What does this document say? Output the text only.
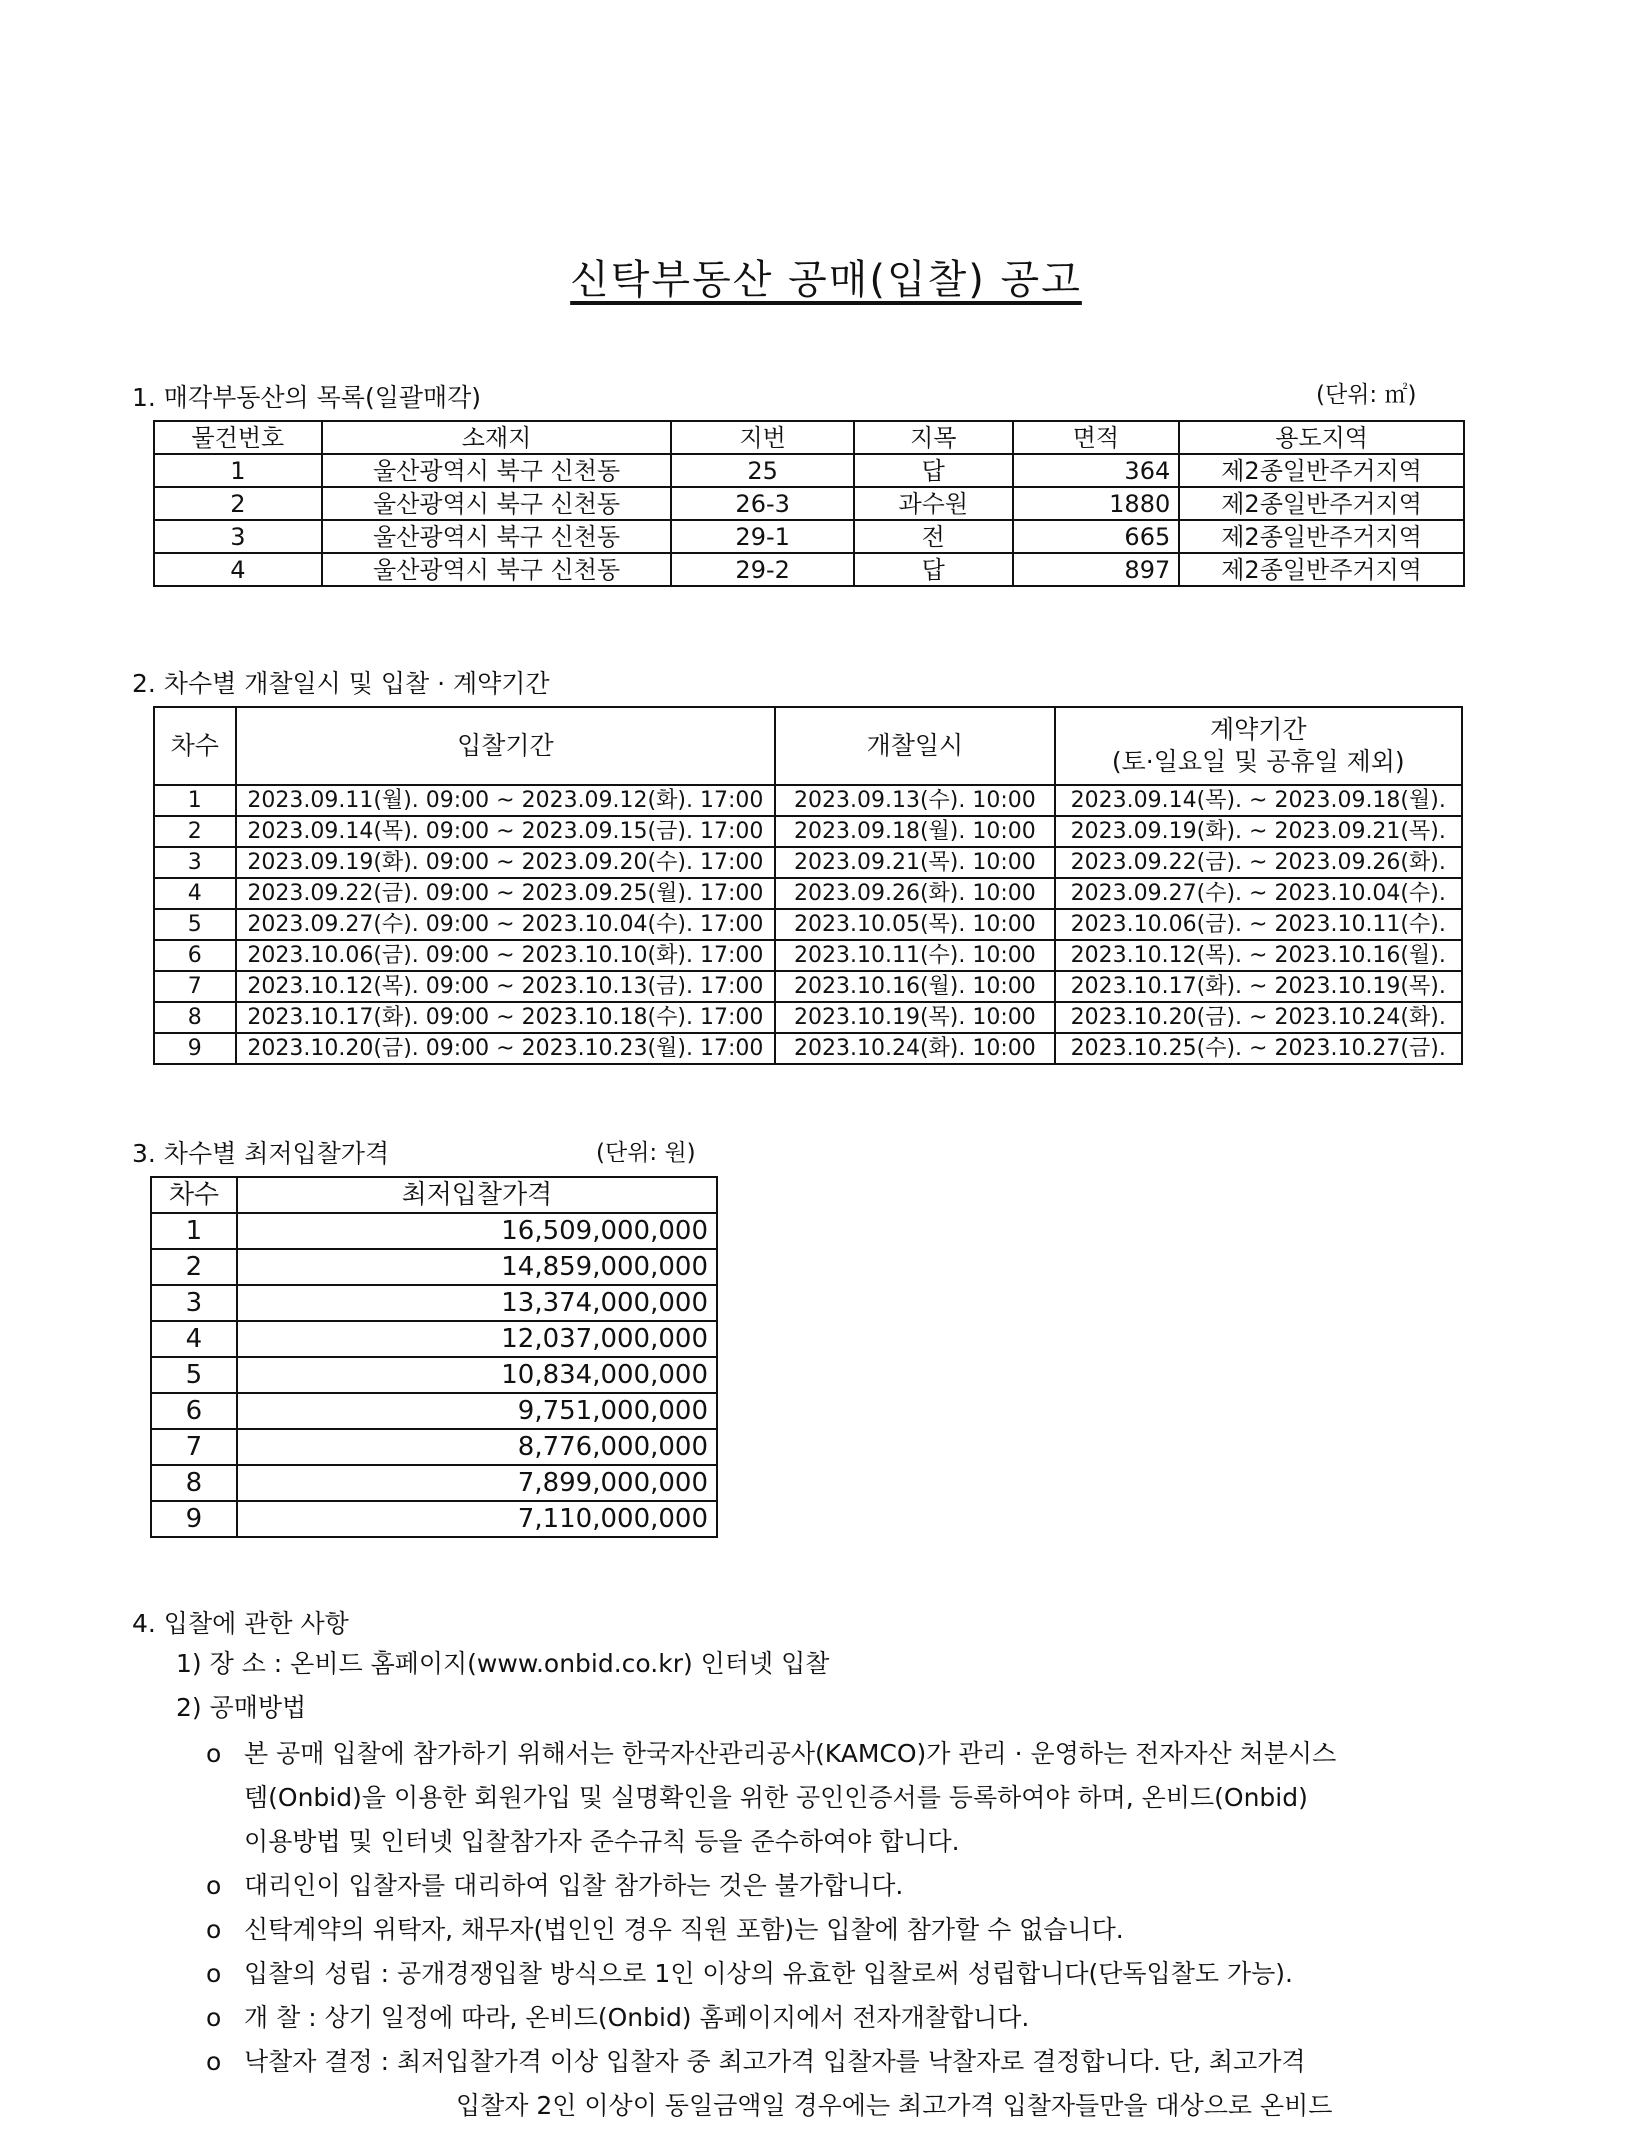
신탁부동산 공매(입찰) 공고
1. 매각부동산의 목록(일괄매각)	(단위: ㎡)
물건번호	소재지	지번	지목	면적	용도지역
1	울산광역시 북구 신천동	25	답	364	제2종일반주거지역
2	울산광역시 북구 신천동	26-3	과수원	1880	제2종일반주거지역
3	울산광역시 북구 신천동	29-1	전	665	제2종일반주거지역
4	울산광역시 북구 신천동	29-2	답	897	제2종일반주거지역
2. 차수별 개찰일시 및 입찰 · 계약기간
차수	입찰기간	개찰일시	계약기간
(토·일요일 및 공휴일 제외)

1	2023.09.11(월). 09:00 ~ 2023.09.12(화). 17:00	2023.09.13(수). 10:00	2023.09.14(목). ~ 2023.09.18(월).
2	2023.09.14(목). 09:00 ~ 2023.09.15(금). 17:00	2023.09.18(월). 10:00	2023.09.19(화). ~ 2023.09.21(목).
3	2023.09.19(화). 09:00 ~ 2023.09.20(수). 17:00	2023.09.21(목). 10:00	2023.09.22(금). ~ 2023.09.26(화).
4	2023.09.22(금). 09:00 ~ 2023.09.25(월). 17:00	2023.09.26(화). 10:00	2023.09.27(수). ~ 2023.10.04(수).
5	2023.09.27(수). 09:00 ~ 2023.10.04(수). 17:00	2023.10.05(목). 10:00	2023.10.06(금). ~ 2023.10.11(수).
6	2023.10.06(금). 09:00 ~ 2023.10.10(화). 17:00	2023.10.11(수). 10:00	2023.10.12(목). ~ 2023.10.16(월).
7	2023.10.12(목). 09:00 ~ 2023.10.13(금). 17:00	2023.10.16(월). 10:00	2023.10.17(화). ~ 2023.10.19(목).
8	2023.10.17(화). 09:00 ~ 2023.10.18(수). 17:00	2023.10.19(목). 10:00	2023.10.20(금). ~ 2023.10.24(화).
9	2023.10.20(금). 09:00 ~ 2023.10.23(월). 17:00	2023.10.24(화). 10:00	2023.10.25(수). ~ 2023.10.27(금).
3. 차수별 최저입찰가격	(단위: 원)
차수	최저입찰가격
1	16,509,000,000
2	14,859,000,000
3	13,374,000,000
4	12,037,000,000
5	10,834,000,000
6	9,751,000,000
7	8,776,000,000
8	7,899,000,000
9	7,110,000,000
4. 입찰에 관한 사항
1) 장 소 : 온비드 홈페이지(www.onbid.co.kr) 인터넷 입찰
2) 공매방법
o 본 공매 입찰에 참가하기 위해서는 한국자산관리공사(KAMCO)가 관리 · 운영하는 전자자산 처분시스
템(Onbid)을 이용한 회원가입 및 실명확인을 위한 공인인증서를 등록하여야 하며, 온비드(Onbid)
이용방법 및 인터넷 입찰참가자 준수규칙 등을 준수하여야 합니다.
o 대리인이 입찰자를 대리하여 입찰 참가하는 것은 불가합니다.
o 신탁계약의 위탁자, 채무자(법인인 경우 직원 포함)는 입찰에 참가할 수 없습니다.
o 입찰의 성립 : 공개경쟁입찰 방식으로 1인 이상의 유효한 입찰로써 성립합니다(단독입찰도 가능).
o 개 찰 : 상기 일정에 따라, 온비드(Onbid) 홈페이지에서 전자개찰합니다.
o 낙찰자 결정 : 최저입찰가격 이상 입찰자 중 최고가격 입찰자를 낙찰자로 결정합니다. 단, 최고가격
입찰자 2인 이상이 동일금액일 경우에는 최고가격 입찰자들만을 대상으로 온비드
